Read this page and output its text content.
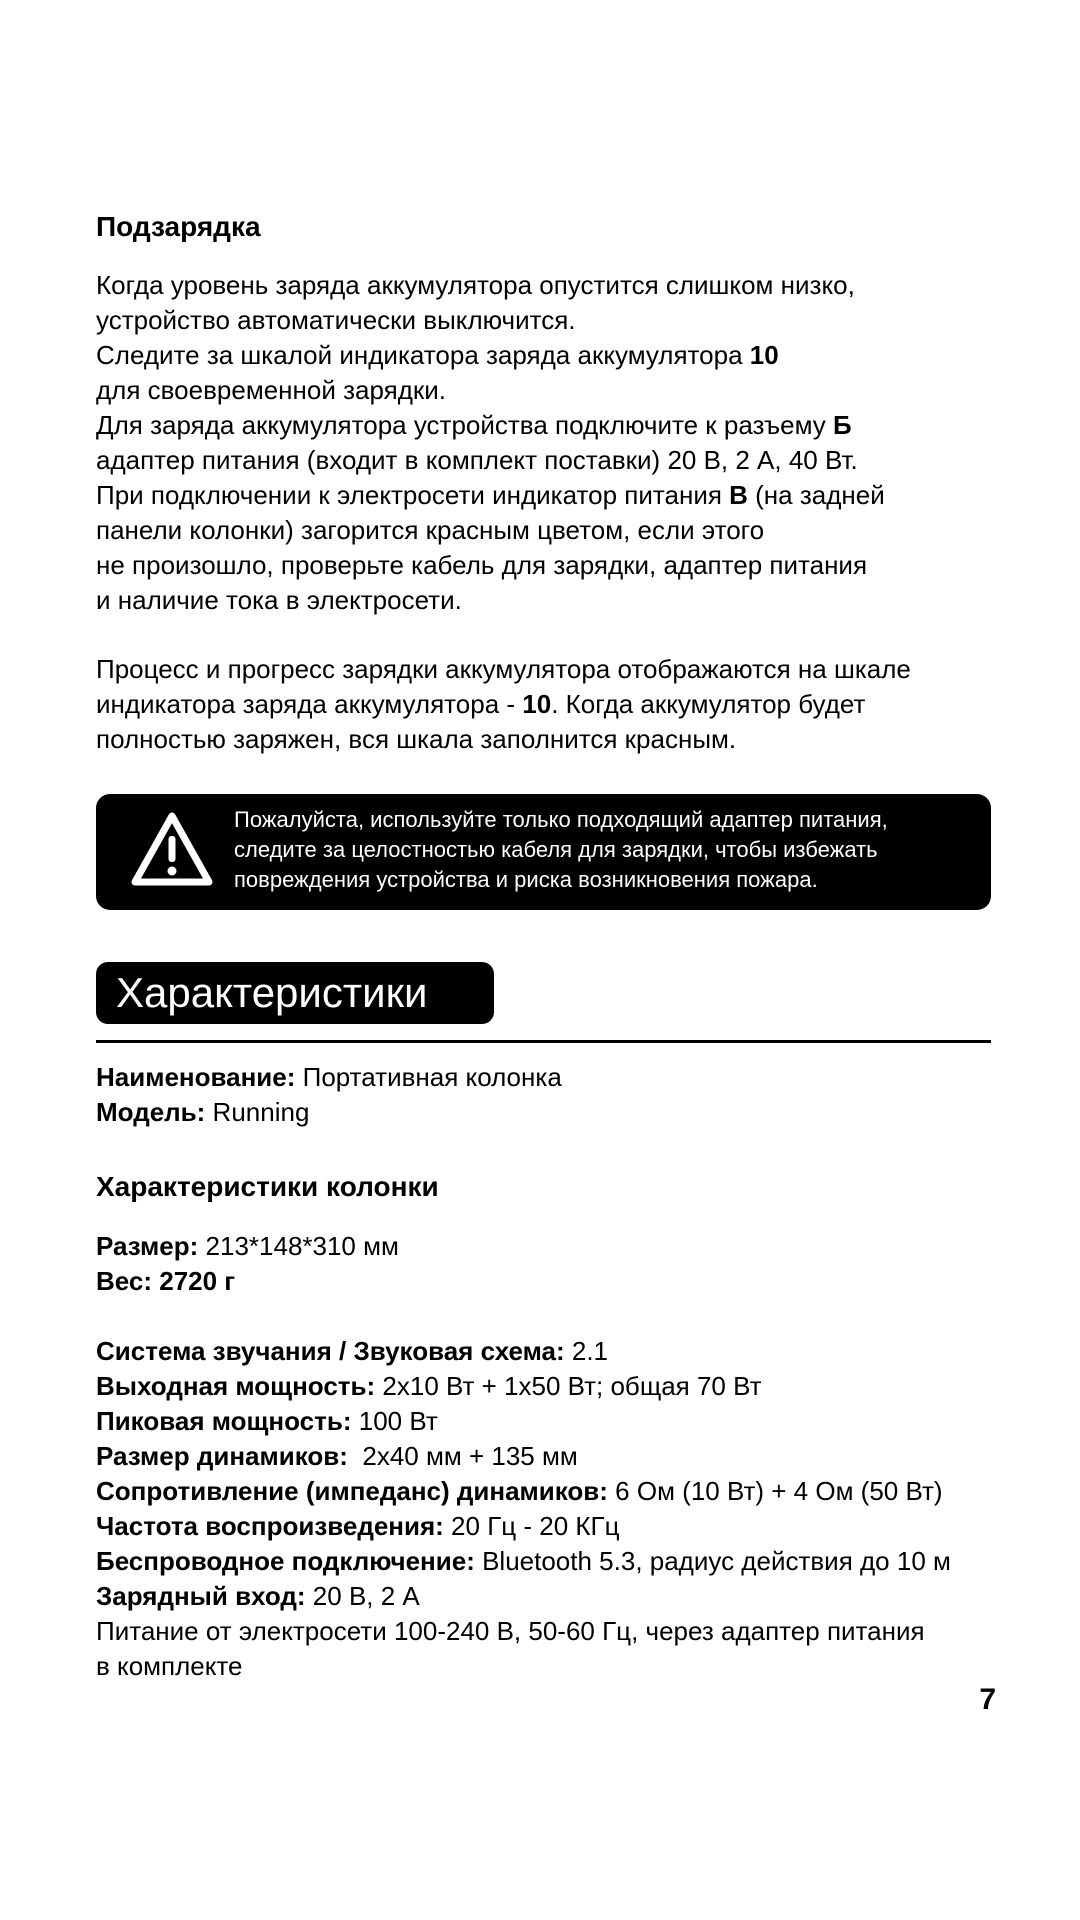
Подзарядка

Когда уровень заряда аккумулятора опустится слишком низко,
устройство автоматически выключится.
Следите за шкалой индикатора заряда аккумулятора 10
для своевременной зарядки.
Для заряда аккумулятора устройства подключите к разъему Б
адаптер питания (входит в комплект поставки) 20 В, 2 А, 40 Вт.
При подключении к электросети индикатор питания В (на задней
панели колонки) загорится красным цветом, если этого
не произошло, проверьте кабель для зарядки, адаптер питания
и наличие тока в электросети.

Процесс и прогресс зарядки аккумулятора отображаются на шкале
индикатора заряда аккумулятора - 10. Когда аккумулятор будет
полностью заряжен, вся шкала заполнится красным.

Пожалуйста, используйте только подходящий адаптер питания,
следите за целостностью кабеля для зарядки, чтобы избежать
повреждения устройства и риска возникновения пожара.
Характеристики

Наименование: Портативная колонка
Модель: Running

Характеристики колонки

Размер: 213*148*310 мм
Вес: 2720 г

Система звучания / Звуковая схема: 2.1
Выходная мощность: 2х10 Вт + 1х50 Вт; общая 70 Вт
Пиковая мощность: 100 Вт
Размер динамиков:  2х40 мм + 135 мм
Сопротивление (импеданс) динамиков: 6 Ом (10 Вт) + 4 Ом (50 Вт)
Частота воспроизведения: 20 Гц - 20 КГц
Беспроводное подключение: Bluetooth 5.3, радиус действия до 10 м
Зарядный вход: 20 В, 2 А
Питание от электросети 100-240 В, 50-60 Гц, через адаптер питания
в комплекте

7
